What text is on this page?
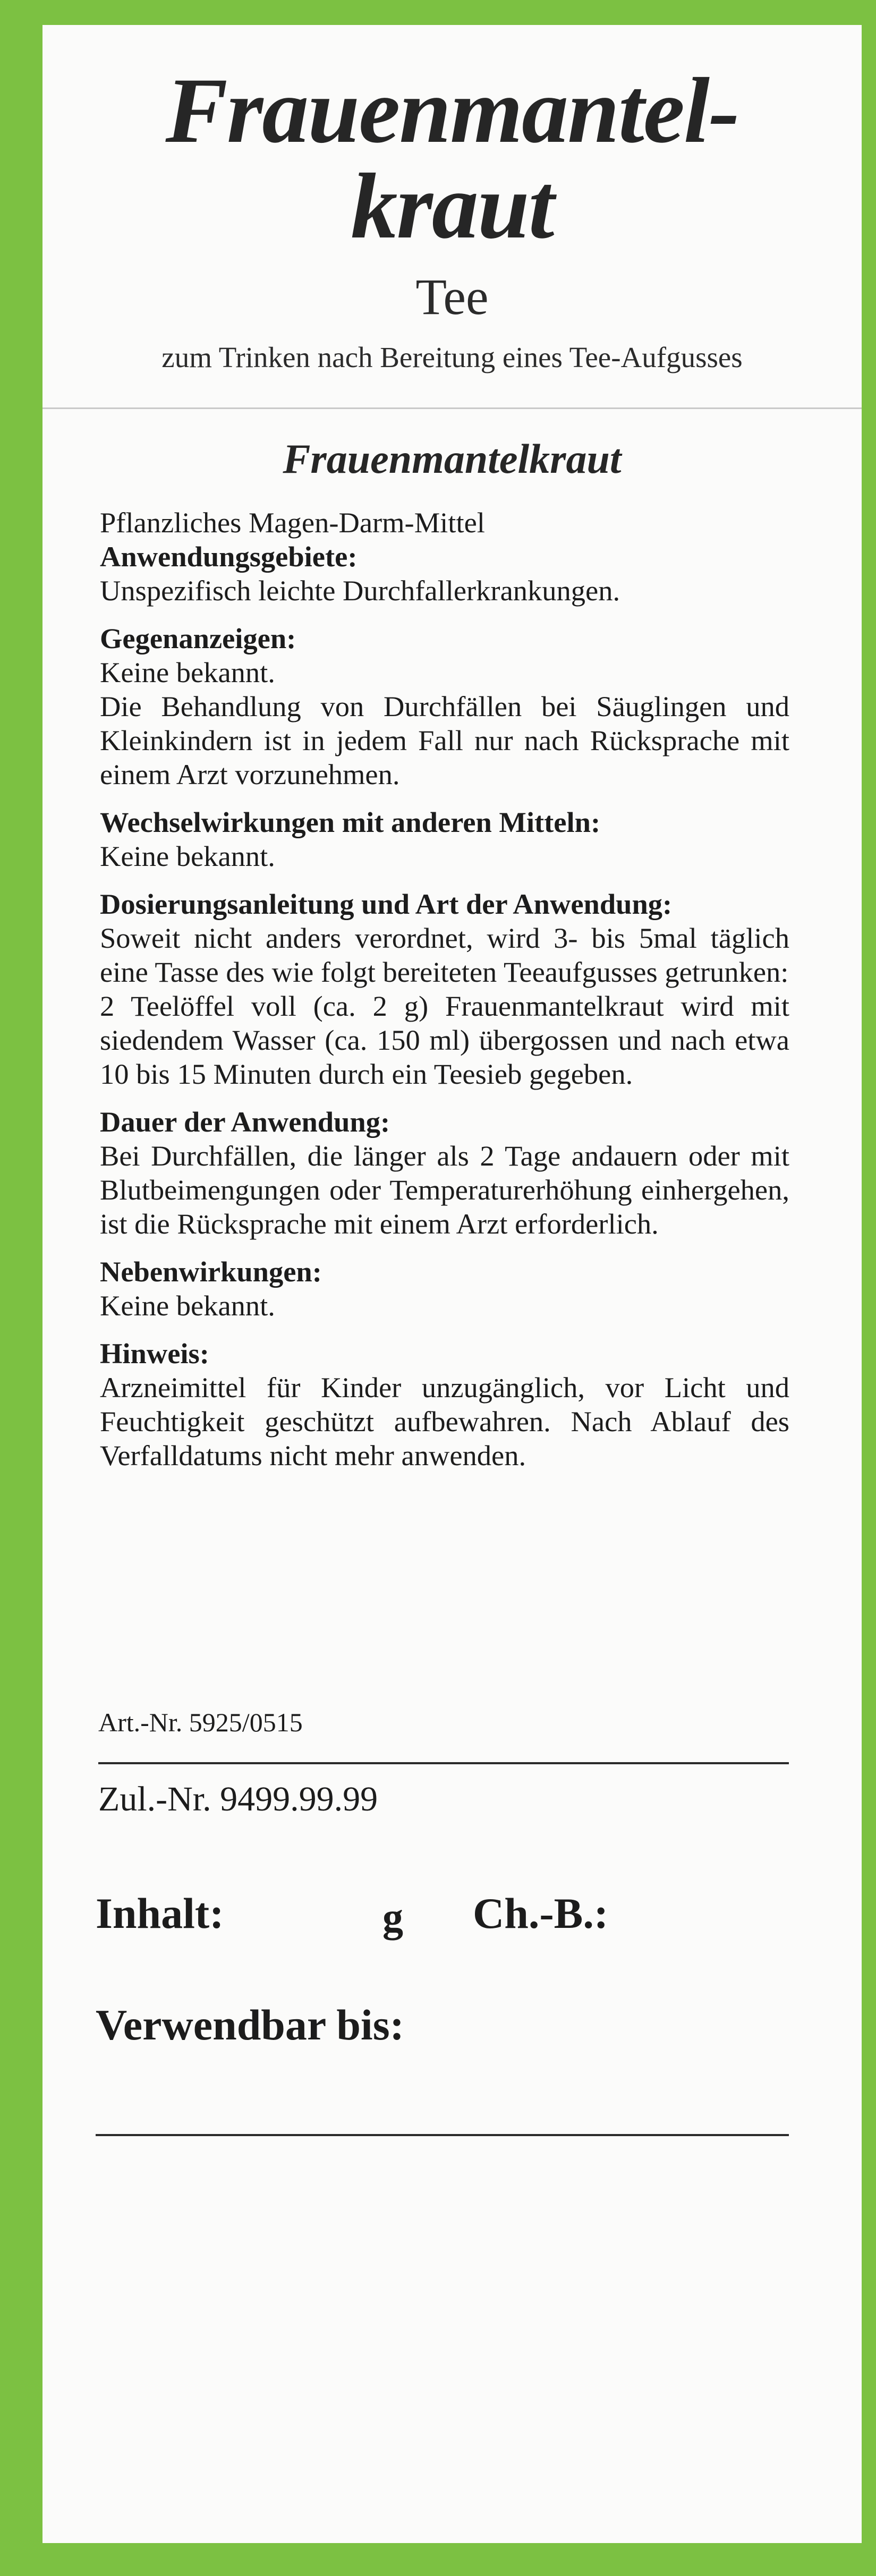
Frauenmantel-
kraut
Tee
zum Trinken nach Bereitung eines Tee-Aufgusses
Frauenmantelkraut

Pflanzliches Magen-Darm-Mittel

Anwendungsgebiete:

Unspezifisch leichte Durchfallerkrankungen.

Gegenanzeigen:

Keine bekannt.

Die Behandlung von Durchfällen bei Säuglingen und Kleinkindern ist in jedem Fall nur nach Rücksprache mit einem Arzt vorzunehmen.

Wechselwirkungen mit anderen Mitteln:

Keine bekannt.

Dosierungsanleitung und Art der Anwendung:

Soweit nicht anders verordnet, wird 3- bis 5mal täglich eine Tasse des wie folgt bereiteten Teeaufgusses getrunken:

2 Teelöffel voll (ca. 2 g) Frauenmantelkraut wird mit siedendem Wasser (ca. 150 ml) übergossen und nach etwa 10 bis 15 Minuten durch ein Teesieb gegeben.

Dauer der Anwendung:

Bei Durchfällen, die länger als 2 Tage andauern oder mit Blutbeimengungen oder Temperaturerhöhung einhergehen, ist die Rücksprache mit einem Arzt erforderlich.

Nebenwirkungen:

Keine bekannt.

Hinweis:

Arzneimittel für Kinder unzugänglich, vor Licht und Feuchtigkeit geschützt aufbewahren. Nach Ablauf des Verfalldatums nicht mehr anwenden.

Art.-Nr. 5925/0515
Zul.-Nr. 9499.99.99
Inhalt:	g Ch.-B.:
Verwendbar bis:
